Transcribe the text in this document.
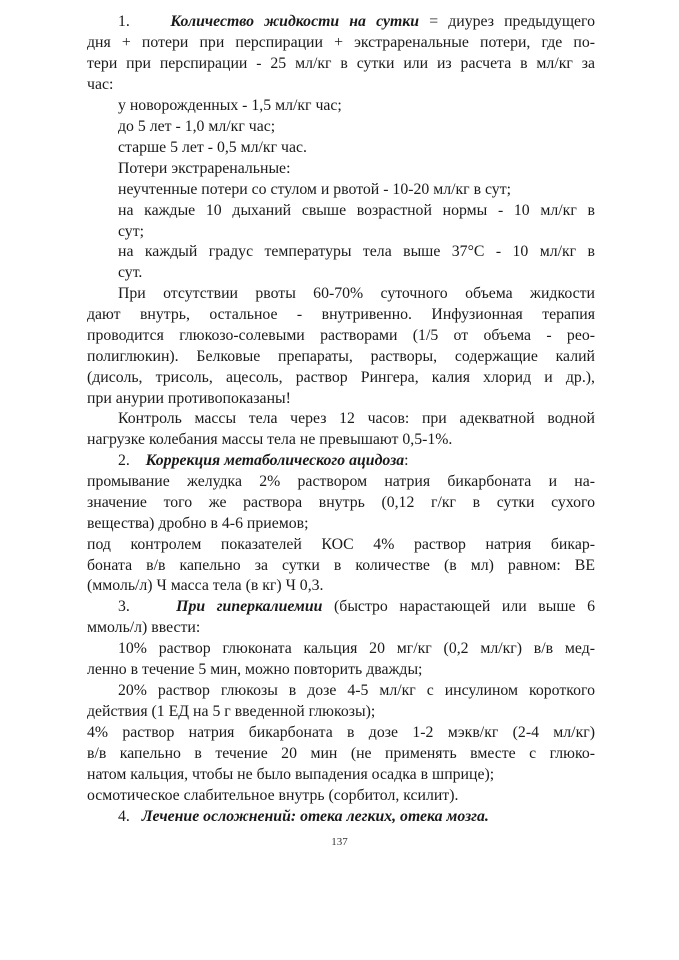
1.	Количество жидкости на сутки = диурез предыдущего
дня + потери при перспирации + экстраренальные потери, где по-
тери при перспирации - 25 мл/кг в сутки или из расчета в мл/кг за
час:
у новорожденных - 1,5 мл/кг час;
до 5 лет - 1,0 мл/кг час;
старше 5 лет - 0,5 мл/кг час.
Потери экстраренальные:
неучтенные потери со стулом и рвотой - 10-20 мл/кг в сут;
на каждые 10 дыханий свыше возрастной нормы - 10 мл/кг в
сут;
на каждый градус температуры тела выше 37°С - 10 мл/кг в
сут.
При отсутствии рвоты 60-70% суточного объема жидкости
дают внутрь, остальное - внутривенно. Инфузионная терапия
проводится глюкозо-солевыми растворами (1/5 от объема - рео-
полиглюкин). Белковые препараты, растворы, содержащие калий
(дисоль, трисоль, ацесоль, раствор Рингера, калия хлорид и др.),
при анурии противопоказаны!
Контроль массы тела через 12 часов: при адекватной водной
нагрузке колебания массы тела не превышают 0,5-1%.
2. Коррекция метаболического ацидоза:
промывание желудка 2% раствором натрия бикарбоната и на-
значение того же раствора внутрь (0,12 г/кг в сутки сухого
вещества) дробно в 4-6 приемов;
под контролем показателей КОС 4% раствор натрия бикар-
боната в/в капельно за сутки в количестве (в мл) равном: BE
(ммоль/л) Ч масса тела (в кг) Ч 0,3.
3.	При гиперкалиемии (быстро нарастающей или выше 6
ммоль/л) ввести:
10% раствор глюконата кальция 20 мг/кг (0,2 мл/кг) в/в мед-
ленно в течение 5 мин, можно повторить дважды;
20% раствор глюкозы в дозе 4-5 мл/кг с инсулином короткого
137
действия (1 ЕД на 5 г введенной глюкозы);
4% раствор натрия бикарбоната в дозе 1-2 мэкв/кг (2-4 мл/кг)
в/в капельно в течение 20 мин (не применять вместе с глюко-
натом кальция, чтобы не было выпадения осадка в шприце);
осмотическое слабительное внутрь (сорбитол, ксилит).
4. Лечение осложнений: отека легких, отека мозга.
